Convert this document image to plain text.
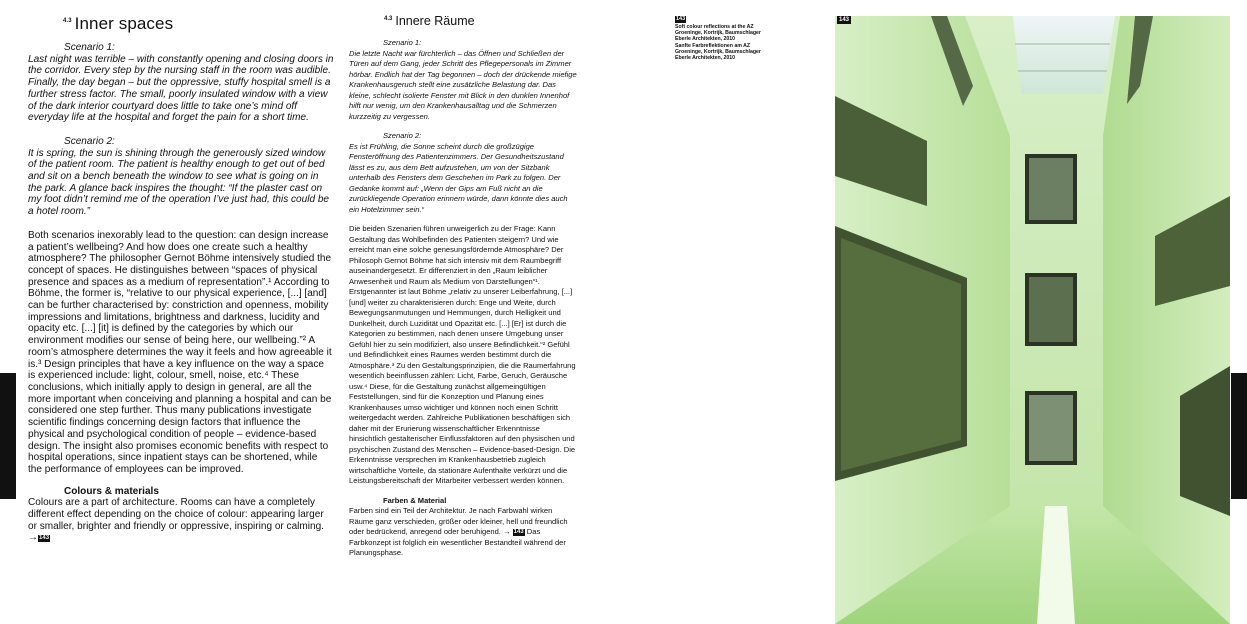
$^{4.3}$ Inner spaces

Scenario 1:

Last night was terrible – with constantly opening and closing doors in the corridor. Every step by the nursing staff in the room was audible. Finally, the day began – but the oppressive, stuffy hospital smell is a further stress factor. The small, poorly insulated window with a view of the dark interior courtyard does little to take one’s mind off everyday life at the hospital and forget the pain for a short time.

Scenario 2:

It is spring, the sun is shining through the generously sized window of the patient room. The patient is healthy enough to get out of bed and sit on a bench beneath the window to see what is going on in the park. A glance back inspires the thought: “If the plaster cast on my foot didn’t remind me of the operation I’ve just had, this could be a hotel room.”

Both scenarios inexorably lead to the question: can design increase a patient’s wellbeing? And how does one create such a healthy atmosphere? The philosopher Gernot Böhme intensively studied the concept of spaces. He distinguishes between “spaces of physical presence and spaces as a medium of representation”.¹ According to Böhme, the former is, “relative to our physical experience, [...] [and] can be further characterised by: constriction and openness, mobility impressions and limitations, brightness and darkness, lucidity and opacity etc. [...] [it] is defined by the categories by which our environment modifies our sense of being here, our wellbeing.”² A room’s atmosphere determines the way it feels and how agreeable it is.³ Design principles that have a key influence on the way a space is experienced include: light, colour, smell, noise, etc.⁴ These conclusions, which initially apply to design in general, are all the more important when conceiving and planning a hospital and can be considered one step further. Thus many publications investigate scientific findings concerning design factors that influence the physical and psychological condition of people – evidence-based design. The insight also promises economic benefits with respect to hospital operations, since inpatient stays can be shortened, while the performance of employees can be improved.

Colours & materials

Colours are a part of architecture. Rooms can have a completely different effect depending on the choice of colour: appearing larger or smaller, brighter and friendly or oppressive, inspiring or calming. →143

$^{4.3}$ Innere Räume

Szenario 1:

Die letzte Nacht war fürchterlich – das Öffnen und Schließen der Türen auf dem Gang, jeder Schritt des Pflegepersonals im Zimmer hörbar. Endlich hat der Tag begonnen – doch der drückende miefige Krankenhausgeruch stellt eine zusätzliche Belastung dar. Das kleine, schlecht isolierte Fenster mit Blick in den dunklen Innenhof hilft nur wenig, um den Krankenhausalltag und die Schmerzen kurzzeitig zu vergessen.

Szenario 2:

Es ist Frühling, die Sonne scheint durch die großzügige Fensteröffnung des Patientenzimmers. Der Gesundheitszustand lässt es zu, aus dem Bett aufzustehen, um von der Sitzbank unterhalb des Fensters dem Geschehen im Park zu folgen. Der Gedanke kommt auf: „Wenn der Gips am Fuß nicht an die zurückliegende Operation erinnern würde, dann könnte dies auch ein Hotelzimmer sein.“

Die beiden Szenarien führen unweigerlich zu der Frage: Kann Gestaltung das Wohlbefinden des Patienten steigern? Und wie erreicht man eine solche genesungsfördernde Atmosphäre? Der Philosoph Gernot Böhme hat sich intensiv mit dem Raumbegriff auseinandergesetzt. Er differenziert in den „Raum leiblicher Anwesenheit und Raum als Medium von Darstellungen“¹. Erstgenannter ist laut Böhme „relativ zu unserer Leiberfahrung, [...] [und] weiter zu charakterisieren durch: Enge und Weite, durch Bewegungsanmutungen und Hemmungen, durch Helligkeit und Dunkelheit, durch Luzidität und Opazität etc. [...] [Er] ist durch die Kategorien zu bestimmen, nach denen unsere Umgebung unser Gefühl hier zu sein modifiziert, also unsere Befindlichkeit.“² Gefühl und Befindlichkeit eines Raumes werden bestimmt durch die Atmosphäre.³ Zu den Gestaltungsprinzipien, die die Raumerfahrung wesentlich beeinflussen zählen: Licht, Farbe, Geruch, Geräusche usw.⁴ Diese, für die Gestaltung zunächst allgemeingültigen Feststellungen, sind für die Konzeption und Planung eines Krankenhauses umso wichtiger und können noch einen Schritt weitergedacht werden. Zahlreiche Publikationen beschäftigen sich daher mit der Erurierung wissenschaftlicher Erkenntnisse hinsichtlich gestalterischer Einflussfaktoren auf den physischen und psychischen Zustand des Menschen – Evidence-based-Design. Die Erkenntnisse versprechen im Krankenhausbetrieb zugleich wirtschaftliche Vorteile, da stationäre Aufenthalte verkürzt und die Leistungsbereitschaft der Mitarbeiter verbessert werden können.

Farben & Material

Farben sind ein Teil der Architektur. Je nach Farbwahl wirken Räume ganz verschieden, größer oder kleiner, hell und freundlich oder bedrückend, anregend oder beruhigend. → 143 Das Farbkonzept ist folglich ein wesentlicher Bestandteil während der Planungsphase.

143

Soft colour reflections at the AZ Groeninge, Kortrijk, Baumschlager Eberle Architekten, 2010

Sanfte Farbreflektionen am AZ Groeninge, Kortrijk, Baumschlager Eberle Architekten, 2010

143
